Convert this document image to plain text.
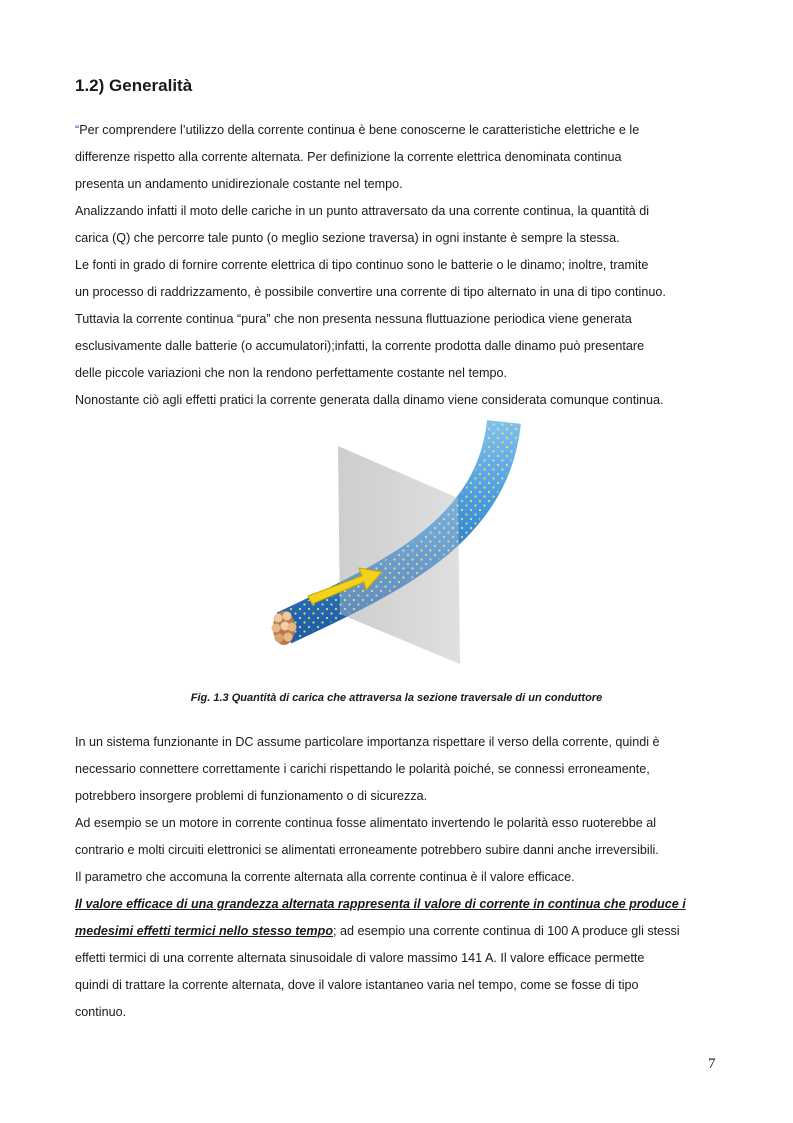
1.2) Generalità
“Per comprendere l’utilizzo della corrente continua è bene conoscerne le caratteristiche elettriche e le
differenze rispetto alla corrente alternata. Per definizione la corrente elettrica denominata continua
presenta un andamento unidirezionale costante nel tempo.
Analizzando infatti il moto delle cariche in un punto attraversato da una corrente continua, la quantità di
carica (Q) che percorre tale punto (o meglio sezione traversa) in ogni instante è sempre la stessa.
Le fonti in grado di fornire corrente elettrica di tipo continuo sono le batterie o le dinamo; inoltre, tramite
un processo di raddrizzamento, è possibile convertire una corrente di tipo alternato in una di tipo continuo.
Tuttavia la corrente continua “pura” che non presenta nessuna fluttuazione periodica viene generata
esclusivamente dalle batterie (o accumulatori);infatti, la corrente prodotta dalle dinamo può presentare
delle piccole variazioni che non la rendono perfettamente costante nel tempo.
Nonostante ciò agli effetti pratici la corrente generata dalla dinamo viene considerata comunque continua.
Fig. 1.3 Quantità di carica che attraversa la sezione traversale di un conduttore
In un sistema funzionante in DC assume particolare importanza rispettare il verso della corrente, quindi è
necessario connettere correttamente i carichi rispettando le polarità poiché, se connessi erroneamente,
potrebbero insorgere problemi di funzionamento o di sicurezza.
Ad esempio se un motore in corrente continua fosse alimentato invertendo le polarità esso ruoterebbe al
contrario e molti circuiti elettronici se alimentati erroneamente potrebbero subire danni anche irreversibili.
Il parametro che accomuna la corrente alternata alla corrente continua è il valore efficace.
Il valore efficace di una grandezza alternata rappresenta il valore di corrente in continua che produce i
medesimi effetti termici nello stesso tempo; ad esempio una corrente continua di 100 A produce gli stessi
effetti termici di una corrente alternata sinusoidale di valore massimo 141 A. Il valore efficace permette
quindi di trattare la corrente alternata, dove il valore istantaneo varia nel tempo, come se fosse di tipo
continuo.
7
